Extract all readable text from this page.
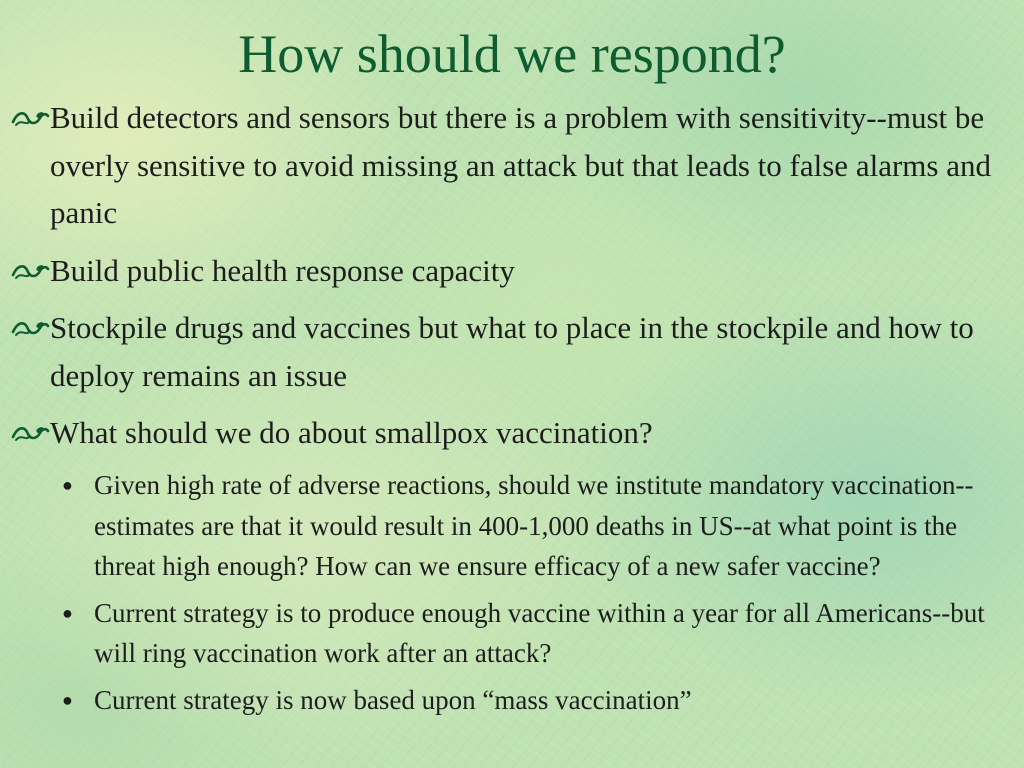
How should we respond?
Build detectors and sensors but there is a problem with sensitivity--must be overly sensitive to avoid missing an attack but that leads to false alarms and panic
Build public health response capacity
Stockpile drugs and vaccines but what to place in the stockpile and how to deploy remains an issue
What should we do about smallpox vaccination?
● Given high rate of adverse reactions, should we institute mandatory vaccination--estimates are that it would result in 400-1,000 deaths in US--at what point is the threat high enough? How can we ensure efficacy of a new safer vaccine?
● Current strategy is to produce enough vaccine within a year for all Americans--but will ring vaccination work after an attack?
● Current strategy is now based upon “mass vaccination”
